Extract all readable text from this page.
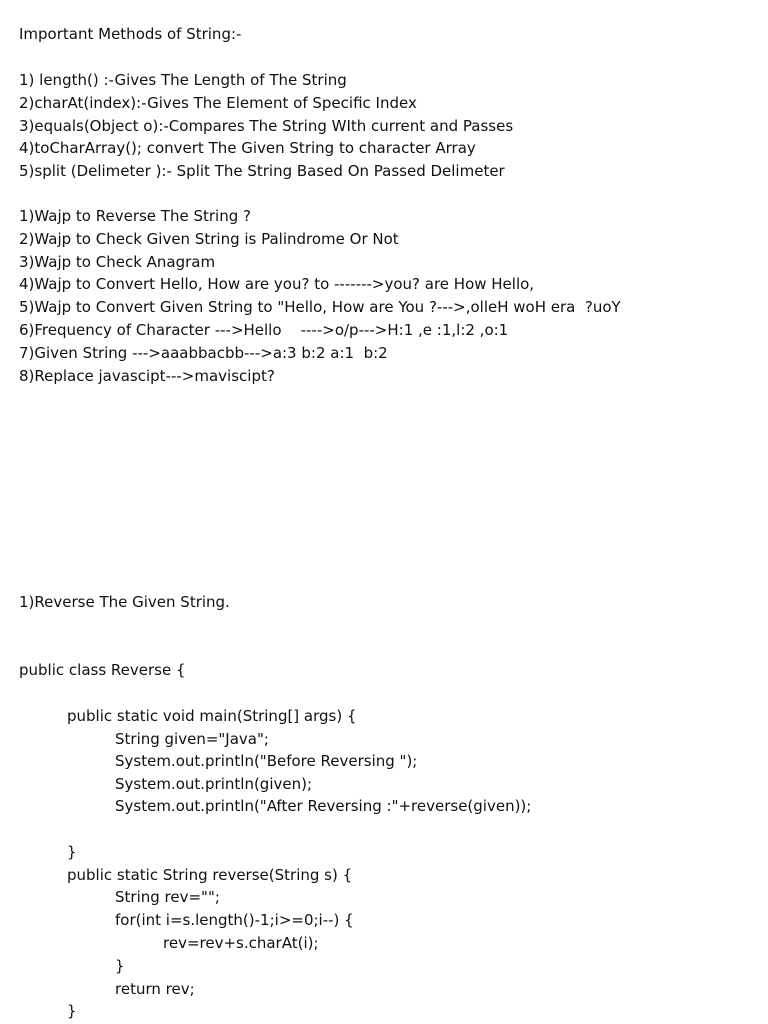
Important Methods of String:-
1) length() :-Gives The Length of The String
2)charAt(index):-Gives The Element of Specific Index
3)equals(Object o):-Compares The String WIth current and Passes
4)toCharArray(); convert The Given String to character Array
5)split (Delimeter ):- Split The String Based On Passed Delimeter
1)Wajp to Reverse The String ?
2)Wajp to Check Given String is Palindrome Or Not
3)Wajp to Check Anagram
4)Wajp to Convert Hello, How are you? to ------->you? are How Hello,
5)Wajp to Convert Given String to "Hello, How are You ?--->,olleH woH era  ?uoY
6)Frequency of Character --->Hello    ---->o/p--->H:1 ,e :1,l:2 ,o:1
7)Given String --->aaabbacbb--->a:3 b:2 a:1  b:2
8)Replace javascipt--->maviscipt?
1)Reverse The Given String.
public class Reverse {
public static void main(String[] args) {
String given="Java";
System.out.println("Before Reversing ");
System.out.println(given);
System.out.println("After Reversing :"+reverse(given));
}
public static String reverse(String s) {
String rev="";
for(int i=s.length()-1;i>=0;i--) {
rev=rev+s.charAt(i);
}
return rev;
}
